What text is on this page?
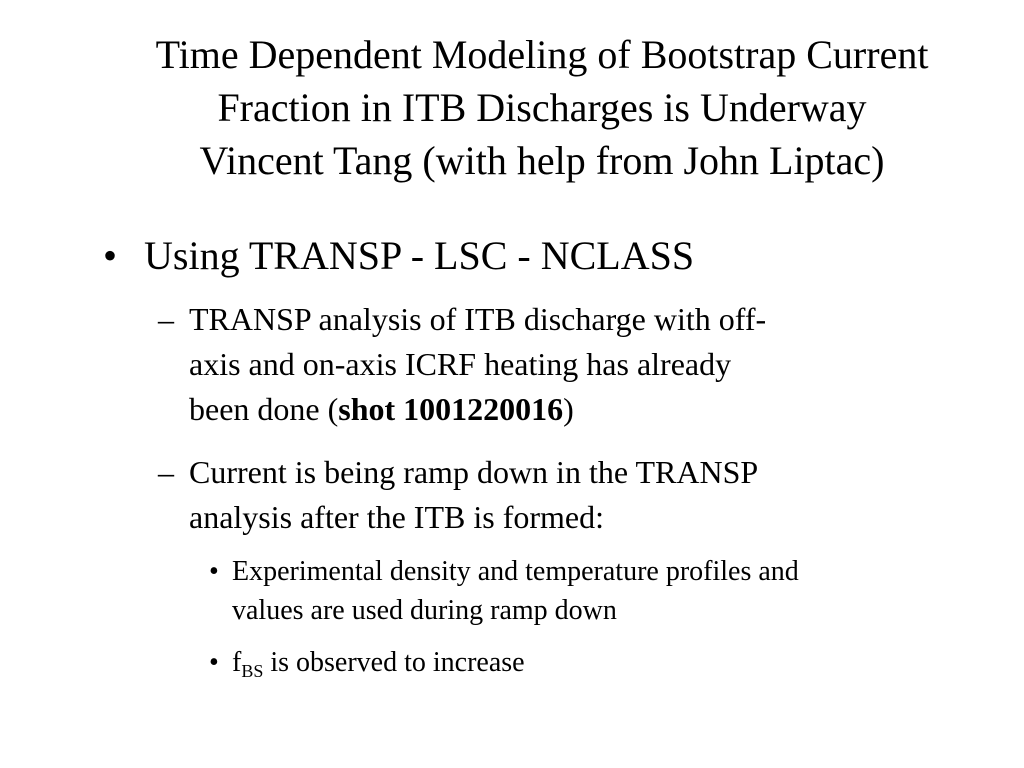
Time Dependent Modeling of Bootstrap Current
Fraction in ITB Discharges is Underway
Vincent Tang (with help from John Liptac)
• Using TRANSP - LSC - NCLASS
– TRANSP analysis of ITB discharge with off-
axis and on-axis ICRF heating has already
been done (shot 1001220016)
– Current is being ramp down in the TRANSP
analysis after the ITB is formed:
• Experimental density and temperature profiles and
values are used during ramp down
• $f_{BS}$ is observed to increase
